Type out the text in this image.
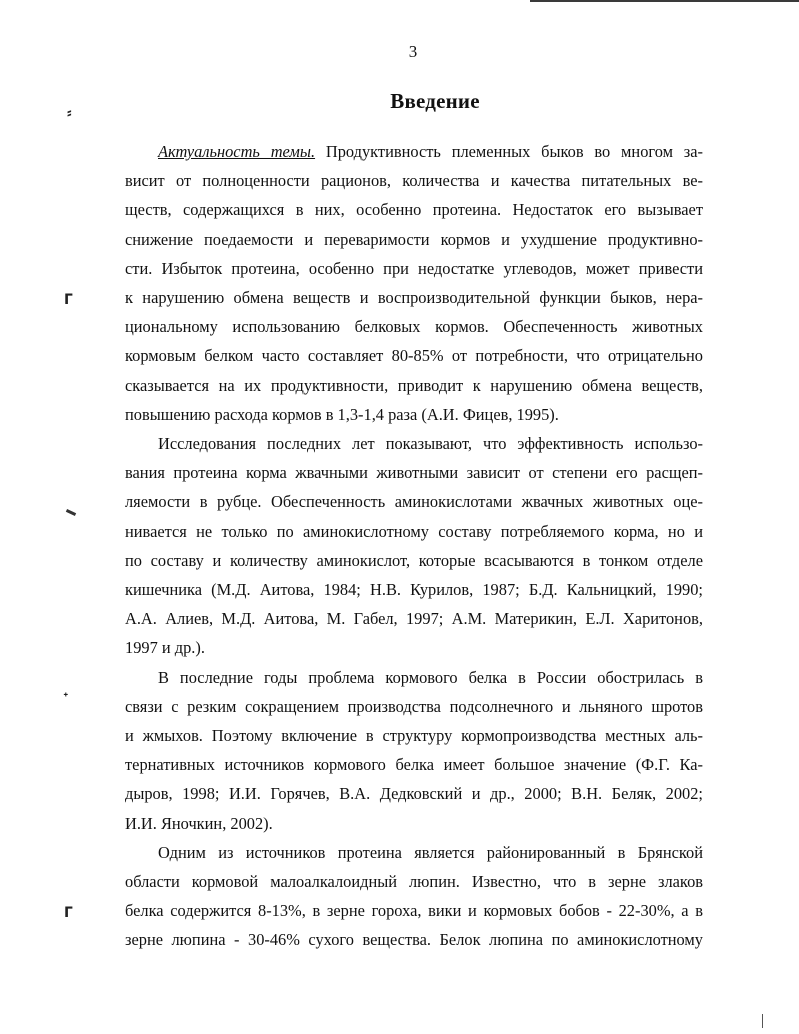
3
Введение
⸗
ᒥ
ᐩ
ᒥ
Актуальность темы. Продуктивность племенных быков во многом за-
висит от полноценности рационов, количества и качества питательных ве-
ществ, содержащихся в них, особенно протеина. Недостаток его вызывает
снижение поедаемости и переваримости кормов и ухудшение продуктивно-
сти. Избыток протеина, особенно при недостатке углеводов, может привести
к нарушению обмена веществ и воспроизводительной функции быков, нера-
циональному использованию белковых кормов. Обеспеченность животных
кормовым белком часто составляет 80-85% от потребности, что отрицательно
сказывается на их продуктивности, приводит к нарушению обмена веществ,
повышению расхода кормов в 1,3-1,4 раза (А.И. Фицев, 1995).
Исследования последних лет показывают, что эффективность использо-
вания протеина корма жвачными животными зависит от степени его расщеп-
ляемости в рубце. Обеспеченность аминокислотами жвачных животных оце-
нивается не только по аминокислотному составу потребляемого корма, но и
по составу и количеству аминокислот, которые всасываются в тонком отделе
кишечника (М.Д. Аитова, 1984; Н.В. Курилов, 1987; Б.Д. Кальницкий, 1990;
А.А. Алиев, М.Д. Аитова, М. Габел, 1997; А.М. Материкин, Е.Л. Харитонов,
1997 и др.).
В последние годы проблема кормового белка в России обострилась в
связи с резким сокращением производства подсолнечного и льняного шротов
и жмыхов. Поэтому включение в структуру кормопроизводства местных аль-
тернативных источников кормового белка имеет большое значение (Ф.Г. Ка-
дыров, 1998; И.И. Горячев, В.А. Дедковский и др., 2000; В.Н. Беляк, 2002;
И.И. Яночкин, 2002).
Одним из источников протеина является районированный в Брянской
области кормовой малоалкалоидный люпин. Известно, что в зерне злаков
белка содержится 8-13%, в зерне гороха, вики и кормовых бобов - 22-30%, а в
зерне люпина - 30-46% сухого вещества. Белок люпина по аминокислотному
